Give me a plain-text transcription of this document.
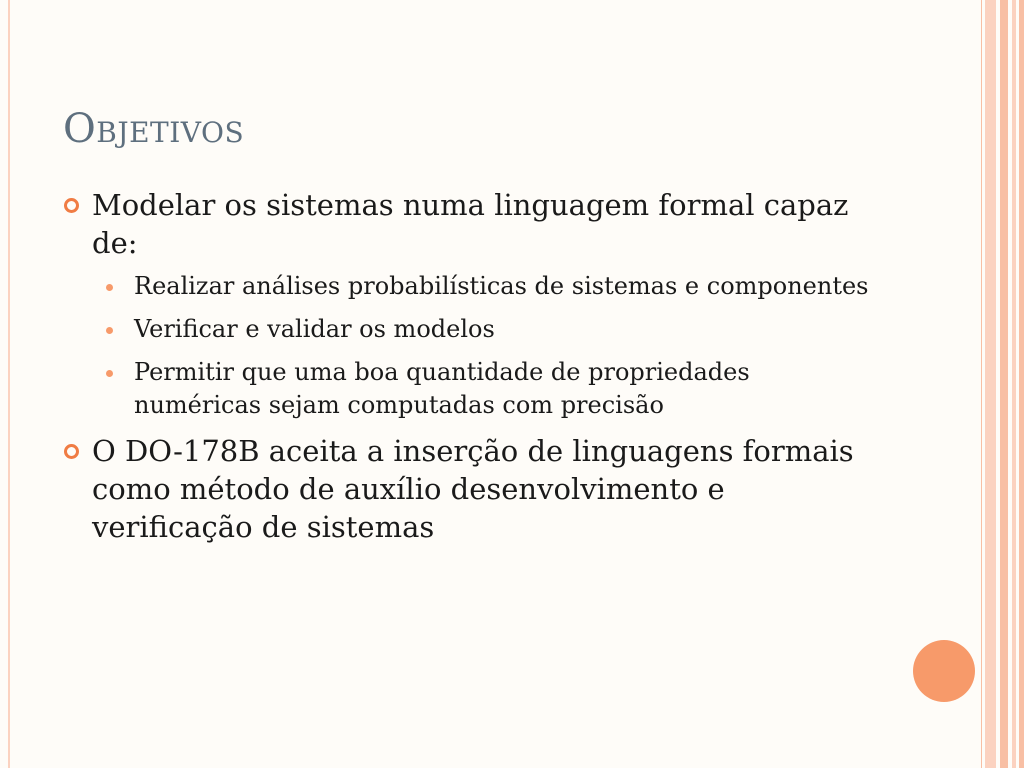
Objetivos
Modelar os sistemas numa linguagem formal capaz de:
Realizar análises probabilísticas de sistemas e componentes
Verificar e validar os modelos
Permitir que uma boa quantidade de propriedades numéricas sejam computadas com precisão
O DO-178B aceita a inserção de linguagens formais como método de auxílio desenvolvimento e verificação de sistemas
